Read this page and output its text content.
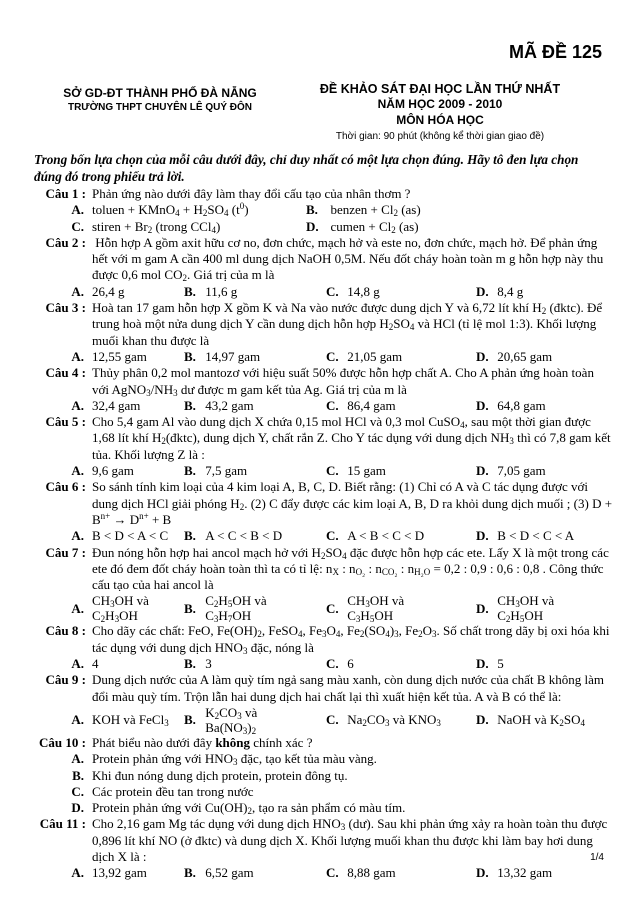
MÃ ĐỀ 125
SỞ GD-ĐT THÀNH PHỐ ĐÀ NẴNG
TRƯỜNG THPT CHUYÊN LÊ QUÝ ĐÔN
ĐỀ KHẢO SÁT ĐẠI HỌC LẦN THỨ NHẤT
NĂM HỌC 2009 - 2010
MÔN HÓA HỌC
Thời gian: 90 phút (không kể thời gian giao đề)
Trong bốn lựa chọn của mỗi câu dưới đây, chỉ duy nhất có một lựa chọn đúng. Hãy tô đen lựa chọn đúng đó trong phiếu trả lời.
Câu 1 : Phản ứng nào dưới đây làm thay đổi cấu tạo của nhân thơm ?
A. toluen + KMnO$_4$ + $H_2SO_4$ $(t^0)$	B. benzen + $Cl_2$ (as)
C. stiren + $Br_2$ (trong CCl$_4$)	D. cumen + $Cl_2$ (as)
Câu 2 : Hỗn hợp A gồm axit hữu cơ no, đơn chức, mạch hở và este no, đơn chức, mạch hở. Để phản ứng hết với m gam A cần 400 ml dung dịch NaOH 0,5M. Nếu đốt cháy hoàn toàn m g hỗn hợp này thu được 0,6 mol $CO_2$. Giá trị của m là
A. 26,4 g	B. 11,6 g	C. 14,8 g	D. 8,4 g
Câu 3 : Hoà tan 17 gam hỗn hợp X gồm K và Na vào nước được dung dịch Y và 6,72 lít khí $H_2$ (đktc). Để trung hoà một nửa dung dịch Y cần dung dịch hỗn hợp $H_2SO_4$ và HCl (tỉ lệ mol 1:3). Khối lượng muối khan thu được là
A. 12,55 gam	B. 14,97 gam	C. 21,05 gam	D. 20,65 gam
Câu 4 : Thủy phân 0,2 mol mantozơ với hiệu suất 50% được hỗn hợp chất A. Cho A phản ứng hoàn toàn với $AgNO_3/NH_3$ dư được m gam kết tủa Ag. Giá trị của m là
A. 32,4 gam	B. 43,2 gam	C. 86,4 gam	D. 64,8 gam
Câu 5 : Cho 5,4 gam Al vào dung dịch X chứa 0,15 mol HCl và 0,3 mol CuSO$_4$, sau một thời gian được 1,68 lít khí $H_2(đktc)$, dung dịch Y, chất rắn Z. Cho Y tác dụng với dung dịch $NH_3$ thì có 7,8 gam kết tủa. Khối lượng Z là :
A. 9,6 gam	B. 7,5 gam	C. 15 gam	D. 7,05 gam
Câu 6 : So sánh tính kim loại của 4 kim loại A, B, C, D. Biết rằng: (1) Chỉ có A và C tác dụng được với dung dịch HCl giải phóng $H_2$. (2) C đẩy được các kim loại A, B, D ra khỏi dung dịch muối ; (3) $D + B^{n+} \to D^{n+} + B$
A. B < D < A < C B. A < C < B < D	C. A < B < C < D	D. B < D < C < A
Câu 7 : Đun nóng hỗn hợp hai ancol mạch hở với $H_2SO_4$ đặc được hỗn hợp các ete. Lấy X là một trong các ete đó đem đốt cháy hoàn toàn thì ta có tỉ lệ: $n_X$ : $n_{O_2}$ : $n_{CO_2}$ : $n_{H_2O} = 0,2$ : 0,9 : 0,6 : 0,8 . Công thức cấu tạo của hai ancol là
A. $CH_3OH$ và
$C_2H_3OH$	B. $C_2H_5OH$ và
$C_3H_7OH$	C. $CH_3OH$ và
$C_3H_5OH$	D. $CH_3OH$ và
$C_2H_5OH$
Câu 8 : Cho dãy các chất: FeO, $Fe(OH)_2$, FeSO$_4$, $Fe_3O_4$, $Fe_2(SO_4)_3$, $Fe_2O_3$. Số chất trong dãy bị oxi hóa khi tác dụng với dung dịch $HNO_3$ đặc, nóng là
A. 4	B. 3	C. 6	D. 5
Câu 9 : Dung dịch nước của A làm quỳ tím ngả sang màu xanh, còn dung dịch nước của chất B không làm đổi màu quỳ tím. Trộn lẫn hai dung dịch hai chất lại thì xuất hiện kết tủa. A và B có thể là:
A. KOH và FeCl$_3$ B. $K_2CO_3$ và
$Ba(NO_3)_2$
C. $Na_2CO_3$ và $KNO_3$	D. NaOH và $K_2SO_4$
Câu 10 : Phát biểu nào dưới đây không chính xác ?
A. Protein phản ứng với $HNO_3$ đặc, tạo kết tủa màu vàng.
B. Khi đun nóng dung dịch protein, protein đông tụ.
C. Các protein đều tan trong nước
D. Protein phản ứng với $Cu(OH)_2$, tạo ra sản phẩm có màu tím.
Câu 11 : Cho 2,16 gam Mg tác dụng với dung dịch $HNO_3$ (dư). Sau khi phản ứng xảy ra hoàn toàn thu được 0,896 lít khí NO (ở đktc) và dung dịch X. Khối lượng muối khan thu được khi làm bay hơi dung dịch X là :
A. 13,92 gam	B. 6,52 gam	C. 8,88 gam	D. 13,32 gam
1/4
